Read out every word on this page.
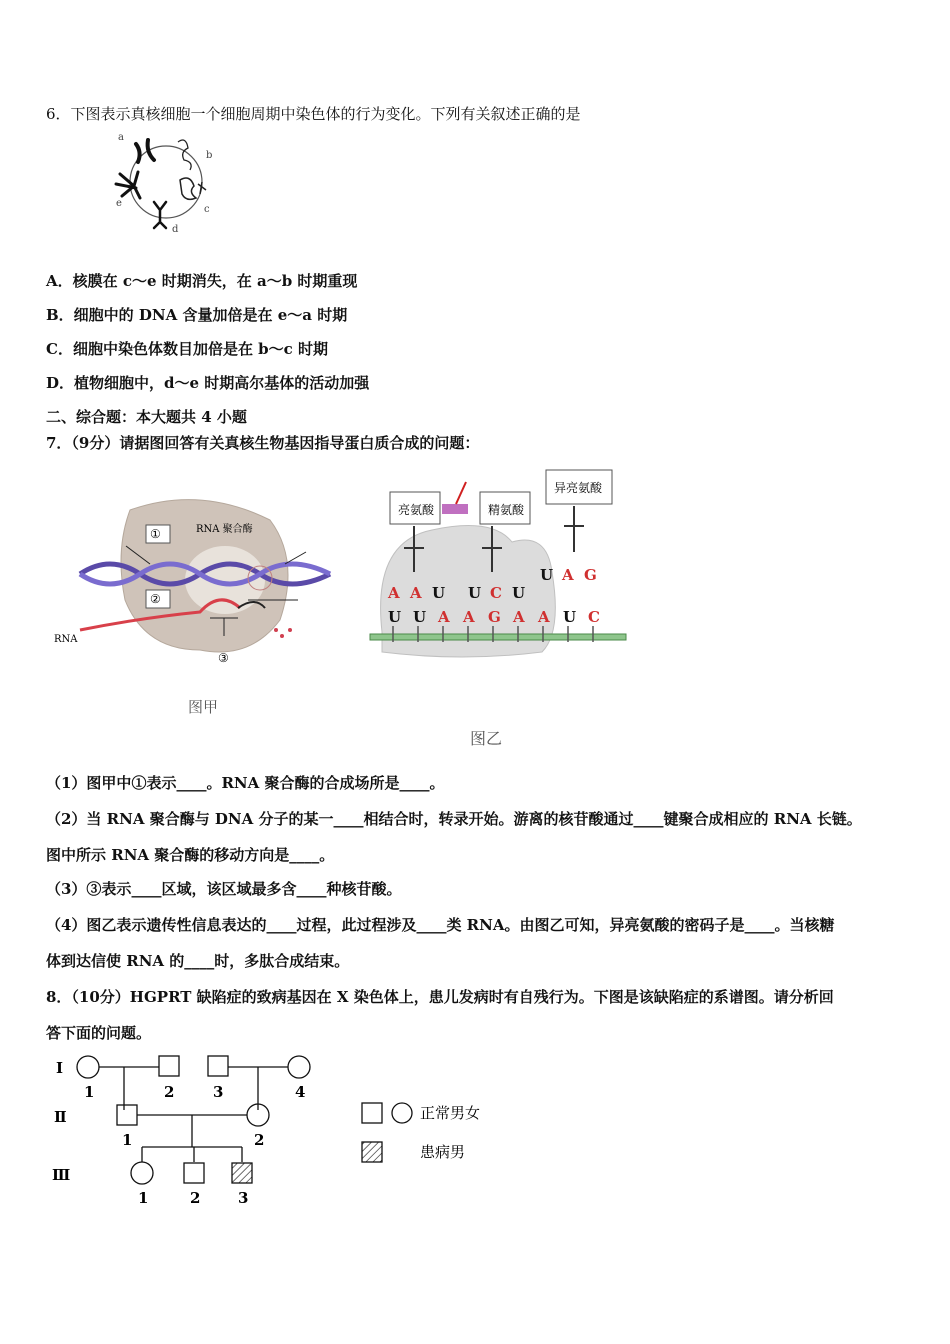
6．下图表示真核细胞一个细胞周期中染色体的行为变化。下列有关叙述正确的是
a
b
c
d
e
A．核膜在 c～e 时期消失，在 a～b 时期重现
B．细胞中的 DNA 含量加倍是在 e～a 时期
C．细胞中染色体数目加倍是在 b～c 时期
D．植物细胞中，d～e 时期高尔基体的活动加强
二、综合题：本大题共 4 小题
7．（9分）请据图回答有关真核生物基因指导蛋白质合成的问题：
①
②
③
RNA 聚合酶
RNA
图甲
亮氨酸	精氨酸
异亮氨酸
A A U U C U
U A G
U U A A G A A U C
图乙
（1）图甲中①表示____。RNA 聚合酶的合成场所是____。
（2）当 RNA 聚合酶与 DNA 分子的某一____相结合时，转录开始。游离的核苷酸通过____键聚合成相应的 RNA 长链。
图中所示 RNA 聚合酶的移动方向是____。
（3）③表示____区域，该区域最多含____种核苷酸。
（4）图乙表示遗传性信息表达的____过程，此过程涉及____类 RNA。由图乙可知，异亮氨酸的密码子是____。当核糖
体到达信使 RNA 的____时，多肽合成结束。
8．（10分）HGPRT 缺陷症的致病基因在 X 染色体上，患儿发病时有自残行为。下图是该缺陷症的系谱图。请分析回
答下面的问题。
Ⅰ
Ⅱ
Ⅲ
1	2	3	4
1	2
1	2	3
正常男女
患病男
